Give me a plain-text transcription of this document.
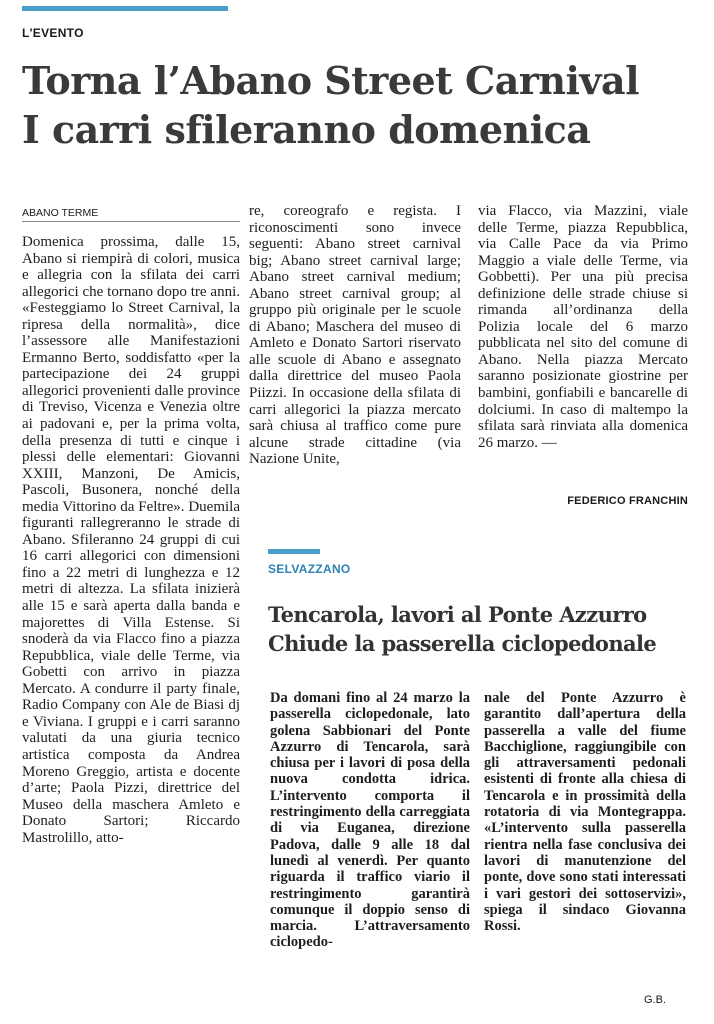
L'EVENTO
Torna l’Abano Street Carnival
I carri sfileranno domenica
ABANO TERME
Domenica prossima, dalle 15, Abano si riempirà di colori, musica e allegria con la sfilata dei carri allegorici che tornano dopo tre anni. «Festeggiamo lo Street Carnival, la ripresa della normalità», dice l’assessore alle Manifestazioni Ermanno Berto, soddisfatto «per la partecipazione dei 24 gruppi allegorici provenienti dalle province di Treviso, Vicenza e Venezia oltre ai padovani e, per la prima volta, della presenza di tutti e cinque i plessi delle elementari: Giovanni XXIII, Manzoni, De Amicis, Pascoli, Busonera, nonché della media Vittorino da Feltre». Duemila figuranti rallegreranno le strade di Abano. Sfileranno 24 gruppi di cui 16 carri allegorici con dimensioni fino a 22 metri di lunghezza e 12 metri di altezza. La sfilata inizierà alle 15 e sarà aperta dalla banda e majorettes di Villa Estense. Si snoderà da via Flacco fino a piazza Repubblica, viale delle Terme, via Gobetti con arrivo in piazza Mercato. A condurre il party finale, Radio Company con Ale de Biasi dj e Viviana. I gruppi e i carri saranno valutati da una giuria tecnico artistica composta da Andrea Moreno Greggio, artista e docente d’arte; Paola Pizzi, direttrice del Museo della maschera Amleto e Donato Sartori; Riccardo Mastrolillo, atto-
re, coreografo e regista. I riconoscimenti sono invece seguenti: Abano street carnival big; Abano street carnival large; Abano street carnival medium; Abano street carnival group; al gruppo più originale per le scuole di Abano; Maschera del museo di Amleto e Donato Sartori riservato alle scuole di Abano e assegnato dalla direttrice del museo Paola Piizzi. In occasione della sfilata di carri allegorici la piazza mercato sarà chiusa al traffico come pure alcune strade cittadine (via Nazione Unite,
via Flacco, via Mazzini, viale delle Terme, piazza Repubblica, via Calle Pace da via Primo Maggio a viale delle Terme, via Gobbetti). Per una più precisa definizione delle strade chiuse si rimanda all’ordinanza della Polizia locale del 6 marzo pubblicata nel sito del comune di Abano. Nella piazza Mercato saranno posizionate giostrine per bambini, gonfiabili e bancarelle di dolciumi. In caso di maltempo la sfilata sarà rinviata alla domenica 26 marzo. —
FEDERICO FRANCHIN
SELVAZZANO
Tencarola, lavori al Ponte Azzurro
Chiude la passerella ciclopedonale
Da domani fino al 24 marzo la passerella ciclopedonale, lato golena Sabbionari del Ponte Azzurro di Tencarola, sarà chiusa per i lavori di posa della nuova condotta idrica. L’intervento comporta il restringimento della carreggiata di via Euganea, direzione Padova, dalle 9 alle 18 dal lunedì al venerdì. Per quanto riguarda il traffico viario il restringimento garantirà comunque il doppio senso di marcia. L’attraversamento ciclopedo-
nale del Ponte Azzurro è garantito dall’apertura della passerella a valle del fiume Bacchiglione, raggiungibile con gli attraversamenti pedonali esistenti di fronte alla chiesa di Tencarola e in prossimità della rotatoria di via Montegrappa. «L’intervento sulla passerella rientra nella fase conclusiva dei lavori di manutenzione del ponte, dove sono stati interessati i vari gestori dei sottoservizi», spiega il sindaco Giovanna Rossi.
G.B.
